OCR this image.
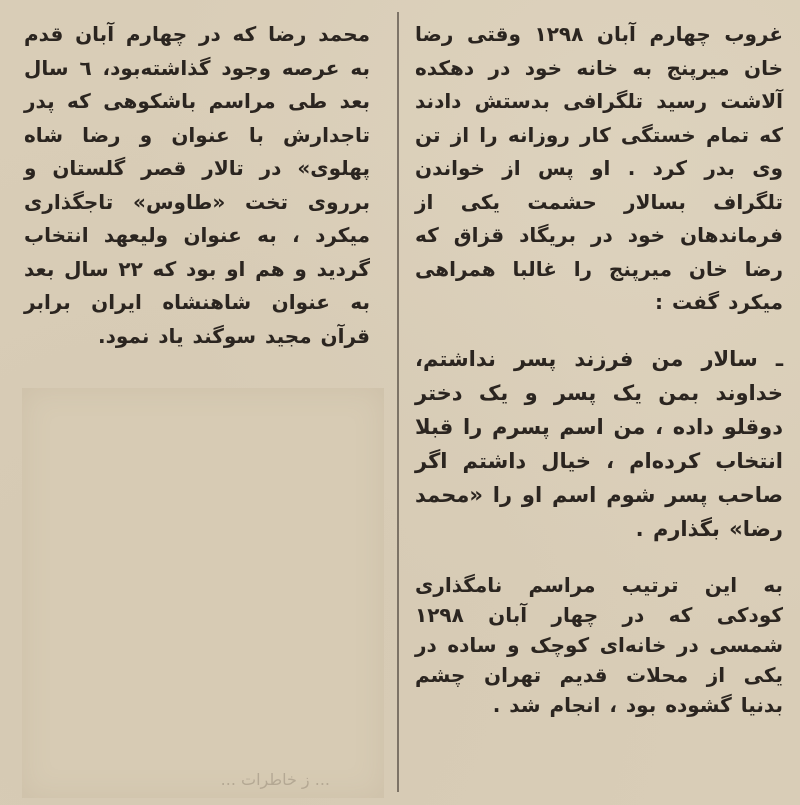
محمد رضا که در چهارم آبان قدم به عرصه وجود گذاشته‌بود، ٦ سال بعد طی مراسم باشکوهی که پدر تاجدارش با عنوان و رضا شاه پهلوی» در تالار قصر گلستان و برروی تخت «طاوس» تاجگذاری میکرد ، به عنوان ولیعهد انتخاب گردید و هم او بود که ٢٢ سال بعد به عنوان شاهنشاه ایران برابر قرآن مجید سوگند یاد نمود.

غروب چهارم آبان ١٢٩٨ وقتی رضا خان میرپنج به خانه خود در دهکده آلاشت رسید تلگرافی بدستش دادند که تمام خستگی کار روزانه را از تن وی بدر کرد . او پس از خواندن تلگراف بسالار حشمت یکی از فرماندهان خود در بریگاد قزاق که رضا خان میرپنج را غالبا همراهی میکرد گفت :

ـ سالار من فرزند پسر نداشتم، خداوند بمن یک پسر و یک دختر دوقلو داده ، من اسم پسرم را قبلا انتخاب کرده‌ام ، خیال داشتم اگر صاحب پسر شوم اسم او را «محمد رضا» بگذارم .

به این ترتیب مراسم نامگذاری کودکی که در چهار آبان ١٢٩٨ شمسی در خانه‌ای کوچک و ساده در یکی از محلات قدیم تهران چشم بدنیا گشوده بود ، انجام شد .

... ز خاطرات ...
